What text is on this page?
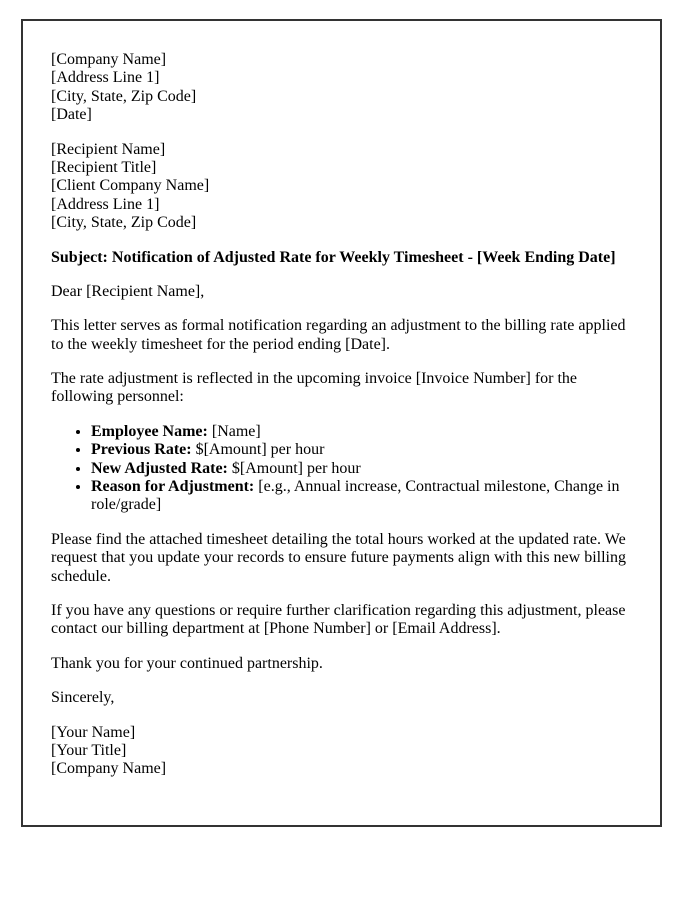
[Company Name]
[Address Line 1]
[City, State, Zip Code]
[Date]

[Recipient Name]
[Recipient Title]
[Client Company Name]
[Address Line 1]
[City, State, Zip Code]

Subject: Notification of Adjusted Rate for Weekly Timesheet - [Week Ending Date]

Dear [Recipient Name],

This letter serves as formal notification regarding an adjustment to the billing rate applied to the weekly timesheet for the period ending [Date].

The rate adjustment is reflected in the upcoming invoice [Invoice Number] for the following personnel:

• Employee Name: [Name]
• Previous Rate: $[Amount] per hour
• New Adjusted Rate: $[Amount] per hour
• Reason for Adjustment: [e.g., Annual increase, Contractual milestone, Change in role/grade]

Please find the attached timesheet detailing the total hours worked at the updated rate. We request that you update your records to ensure future payments align with this new billing schedule.

If you have any questions or require further clarification regarding this adjustment, please contact our billing department at [Phone Number] or [Email Address].

Thank you for your continued partnership.

Sincerely,

[Your Name]
[Your Title]
[Company Name]
